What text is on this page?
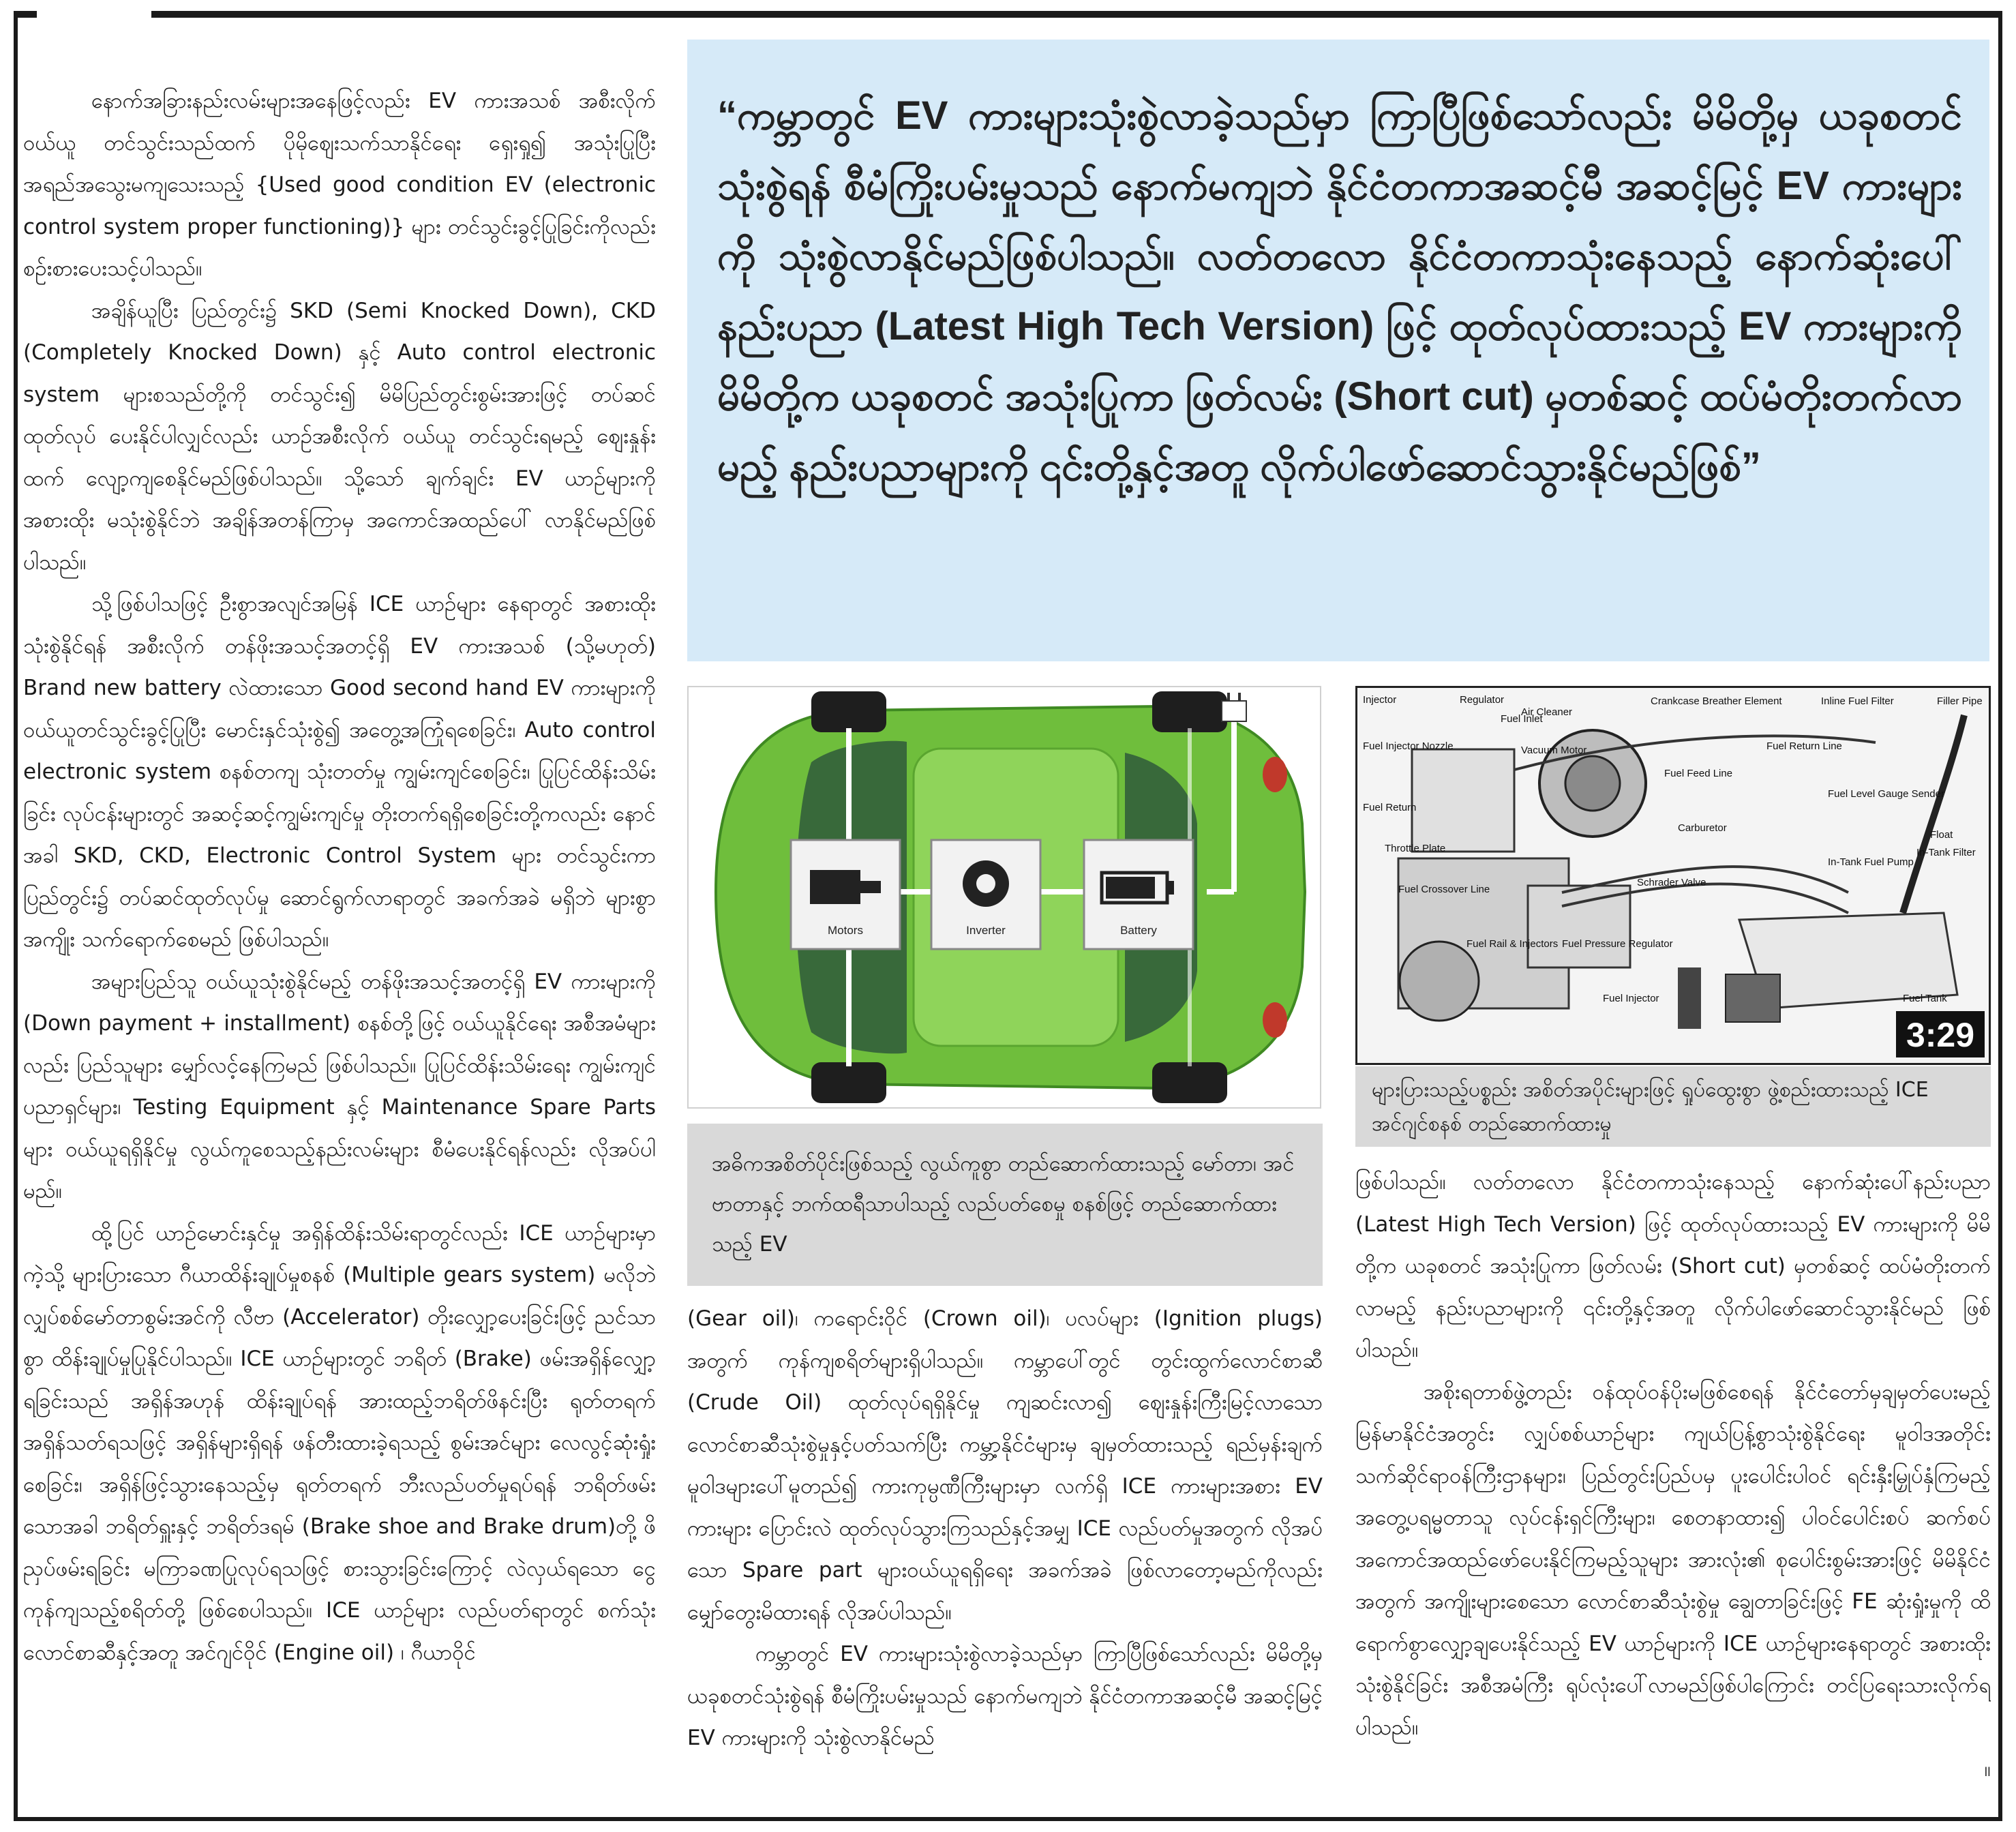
နောက်အခြားနည်းလမ်းများအနေဖြင့်လည်း EV ကားအသစ် အစီးလိုက်ဝယ်ယူ တင်သွင်းသည်ထက် ပိုမိုဈေးသက်သာနိုင်ရေး ရှေးရှု၍ အသုံးပြုပြီး အရည်အသွေးမကျသေးသည့် {Used good condition EV (electronic control system proper functioning)} များ တင်သွင်းခွင့်ပြုခြင်းကိုလည်း စဉ်းစားပေးသင့်ပါသည်။

အချိန်ယူပြီး ပြည်တွင်း၌ SKD (Semi Knocked Down), CKD (Completely Knocked Down) နှင့် Auto control electronic system များစသည်တို့ကို တင်သွင်း၍ မိမိပြည်တွင်းစွမ်းအားဖြင့် တပ်ဆင်ထုတ်လုပ် ပေးနိုင်ပါလျှင်လည်း ယာဉ်အစီးလိုက် ဝယ်ယူ တင်သွင်းရမည့် ဈေးနှုန်းထက် လျော့ကျစေနိုင်မည်ဖြစ်ပါသည်။ သို့သော် ချက်ချင်း EV ယာဉ်များကို အစားထိုး မသုံးစွဲနိုင်ဘဲ အချိန်အတန်ကြာမှ အကောင်အထည်ပေါ် လာနိုင်မည်ဖြစ်ပါသည်။

သို့ဖြစ်ပါသဖြင့် ဦးစွာအလျင်အမြန် ICE ယာဉ်များ နေရာတွင် အစားထိုး သုံးစွဲနိုင်ရန် အစီးလိုက် တန်ဖိုးအသင့်အတင့်ရှိ EV ကားအသစ် (သို့မဟုတ်) Brand new battery လဲထားသော Good second hand EV ကားများကို ဝယ်ယူတင်သွင်းခွင့်ပြုပြီး မောင်းနှင်သုံးစွဲ၍ အတွေ့အကြုံရစေခြင်း၊ Auto control electronic system စနစ်တကျ သုံးတတ်မှု ကျွမ်းကျင်စေခြင်း၊ ပြုပြင်ထိန်းသိမ်းခြင်း လုပ်ငန်းများတွင် အဆင့်ဆင့်ကျွမ်းကျင်မှု တိုးတက်ရရှိစေခြင်းတို့ကလည်း နောင်အခါ SKD, CKD, Electronic Control System များ တင်သွင်းကာ ပြည်တွင်း၌ တပ်ဆင်ထုတ်လုပ်မှု ဆောင်ရွက်လာရာတွင် အခက်အခဲ မရှိဘဲ များစွာအကျိုး သက်ရောက်စေမည် ဖြစ်ပါသည်။

အများပြည်သူ ဝယ်ယူသုံးစွဲနိုင်မည့် တန်ဖိုးအသင့်အတင့်ရှိ EV ကားများကို (Down payment + installment) စနစ်တို့ဖြင့် ဝယ်ယူနိုင်ရေး အစီအမံများလည်း ပြည်သူများ မျှော်လင့်နေကြမည် ဖြစ်ပါသည်။ ပြုပြင်ထိန်းသိမ်းရေး ကျွမ်းကျင်ပညာရှင်များ၊ Testing Equipment နှင့် Maintenance Spare Parts များ ဝယ်ယူရရှိနိုင်မှု လွယ်ကူစေသည့်နည်းလမ်းများ စီမံပေးနိုင်ရန်လည်း လိုအပ်ပါမည်။

ထို့ပြင် ယာဉ်မောင်းနှင်မှု အရှိန်ထိန်းသိမ်းရာတွင်လည်း ICE ယာဉ်များမှာကဲ့သို့ များပြားသော ဂီယာထိန်းချုပ်မှုစနစ် (Multiple gears system) မလိုဘဲ လျှပ်စစ်မော်တာစွမ်းအင်ကို လီဗာ (Accelerator) တိုးလျှော့ပေးခြင်းဖြင့် ညင်သာစွာ ထိန်းချုပ်မှုပြုနိုင်ပါသည်။ ICE ယာဉ်များတွင် ဘရိတ် (Brake) ဖမ်းအရှိန်လျှော့ရခြင်းသည် အရှိန်အဟုန် ထိန်းချုပ်ရန် အားထည့်ဘရိတ်ဖိနင်းပြီး ရုတ်တရက် အရှိန်သတ်ရသဖြင့် အရှိန်များရှိရန် ဖန်တီးထားခဲ့ရသည့် စွမ်းအင်များ လေလွင့်ဆုံးရှုံးစေခြင်း၊ အရှိန်ဖြင့်သွားနေသည့်မှ ရုတ်တရက် ဘီးလည်ပတ်မှုရပ်ရန် ဘရိတ်ဖမ်းသောအခါ ဘရိတ်ရှူးနှင့် ဘရိတ်ဒရမ် (Brake shoe and Brake drum)တို့ ဖိညှပ်ဖမ်းရခြင်း မကြာခဏပြုလုပ်ရသဖြင့် စားသွားခြင်းကြောင့် လဲလှယ်ရသော ငွေကုန်ကျသည့်စရိတ်တို့ ဖြစ်စေပါသည်။ ICE ယာဉ်များ လည်ပတ်ရာတွင် စက်သုံးလောင်စာဆီနှင့်အတူ အင်ဂျင်ဝိုင် (Engine oil) ၊ ဂီယာဝိုင်

“ကမ္ဘာတွင် EV ကားများသုံးစွဲလာခဲ့သည်မှာ ကြာပြီဖြစ်သော်လည်း မိမိတို့မှ ယခုစတင်သုံးစွဲရန် စီမံကြိုးပမ်းမှုသည် နောက်မကျဘဲ နိုင်ငံတကာအဆင့်မီ အဆင့်မြင့် EV ကားများကို သုံးစွဲလာနိုင်မည်ဖြစ်ပါသည်။ လတ်တလော နိုင်ငံတကာသုံးနေသည့် နောက်ဆုံးပေါ်နည်းပညာ (Latest High Tech Version) ဖြင့် ထုတ်လုပ်ထားသည့် EV ကားများကို မိမိတို့က ယခုစတင် အသုံးပြုကာ ဖြတ်လမ်း (Short cut) မှတစ်ဆင့် ထပ်မံတိုးတက်လာမည့် နည်းပညာများကို ၎င်းတို့နှင့်အတူ လိုက်ပါဖော်ဆောင်သွားနိုင်မည်ဖြစ်”

Motors	Inverter	Battery
အဓိကအစိတ်ပိုင်းဖြစ်သည့် လွယ်ကူစွာ တည်ဆောက်ထားသည့် မော်တာ၊ အင်ဗာတာနှင့် ဘက်ထရီသာပါသည့် လည်ပတ်စေမှု စနစ်ဖြင့် တည်ဆောက်ထားသည့် EV
Injector	Regulator
Fuel Inlet
Fuel Injector Nozzle
Air Cleaner
Vacuum Motor
Crankcase Breather Element	Inline Fuel Filter	Filler Pipe
Fuel Return Line
Fuel Feed Line
Fuel Return
Throttle Plate
Fuel Level Gauge Sender
Float
In-Tank Filter
Carburetor
In-Tank Fuel Pump
Fuel Crossover Line
Schrader Valve
Fuel Rail & Injectors Fuel Pressure Regulator
Fuel Injector	Fuel Tank
3:29
များပြားသည့်ပစ္စည်း အစိတ်အပိုင်းများဖြင့် ရှုပ်ထွေးစွာ ဖွဲ့စည်းထားသည့် ICE အင်ဂျင်စနစ် တည်ဆောက်ထားမှု

(Gear oil)၊ ကရောင်းဝိုင် (Crown oil)၊ ပလပ်များ (Ignition plugs) အတွက် ကုန်ကျစရိတ်များရှိပါသည်။ ကမ္ဘာပေါ်တွင် တွင်းထွက်လောင်စာဆီ (Crude Oil) ထုတ်လုပ်ရရှိနိုင်မှု ကျဆင်းလာ၍ ဈေးနှုန်းကြီးမြင့်လာသော လောင်စာဆီသုံးစွဲမှုနှင့်ပတ်သက်ပြီး ကမ္ဘာ့နိုင်ငံများမှ ချမှတ်ထားသည့် ရည်မှန်းချက် မူဝါဒများပေါ်မူတည်၍ ကားကုမ္ပဏီကြီးများမှာ လက်ရှိ ICE ကားများအစား EV ကားများ ပြောင်းလဲ ထုတ်လုပ်သွားကြသည်နှင့်အမျှ ICE လည်ပတ်မှုအတွက် လိုအပ်သော Spare part များဝယ်ယူရရှိရေး အခက်အခဲ ဖြစ်လာတော့မည်ကိုလည်း မျှော်တွေးမိထားရန် လိုအပ်ပါသည်။

ကမ္ဘာတွင် EV ကားများသုံးစွဲလာခဲ့သည်မှာ ကြာပြီဖြစ်သော်လည်း မိမိတို့မှ ယခုစတင်သုံးစွဲရန် စီမံကြိုးပမ်းမှုသည် နောက်မကျဘဲ နိုင်ငံတကာအဆင့်မီ အဆင့်မြင့် EV ကားများကို သုံးစွဲလာနိုင်မည်

ဖြစ်ပါသည်။ လတ်တလော နိုင်ငံတကာသုံးနေသည့် နောက်ဆုံးပေါ်နည်းပညာ (Latest High Tech Version) ဖြင့် ထုတ်လုပ်ထားသည့် EV ကားများကို မိမိတို့က ယခုစတင် အသုံးပြုကာ ဖြတ်လမ်း (Short cut) မှတစ်ဆင့် ထပ်မံတိုးတက်လာမည့် နည်းပညာများကို ၎င်းတို့နှင့်အတူ လိုက်ပါဖော်ဆောင်သွားနိုင်မည် ဖြစ်ပါသည်။

အစိုးရတာစ်ဖွဲ့တည်း ဝန်ထုပ်ဝန်ပိုးမဖြစ်စေရန် နိုင်ငံတော်မှချမှတ်ပေးမည့် မြန်မာနိုင်ငံအတွင်း လျှပ်စစ်ယာဉ်များ ကျယ်ပြန့်စွာသုံးစွဲနိုင်ရေး မူဝါဒအတိုင်း သက်ဆိုင်ရာဝန်ကြီးဌာနများ၊ ပြည်တွင်းပြည်ပမှ ပူးပေါင်းပါဝင် ရင်းနှီးမြှုပ်နှံကြမည့် အတွေ့ပရမ္မတာသူ လုပ်ငန်းရှင်ကြီးများ၊ စေတနာထား၍ ပါဝင်ပေါင်းစပ် ဆက်စပ်အကောင်အထည်ဖော်ပေးနိုင်ကြမည့်သူများ အားလုံး၏ စုပေါင်းစွမ်းအားဖြင့် မိမိနိုင်ငံအတွက် အကျိုးများစေသော လောင်စာဆီသုံးစွဲမှု ချွေတာခြင်းဖြင့် FE ဆုံးရှုံးမှုကို ထိရောက်စွာလျှော့ချပေးနိုင်သည့် EV ယာဉ်များကို ICE ယာဉ်များနေရာတွင် အစားထိုး သုံးစွဲနိုင်ခြင်း အစီအမံကြီး ရုပ်လုံးပေါ်လာမည်ဖြစ်ပါကြောင်း တင်ပြရေးသားလိုက်ရပါသည်။

။
